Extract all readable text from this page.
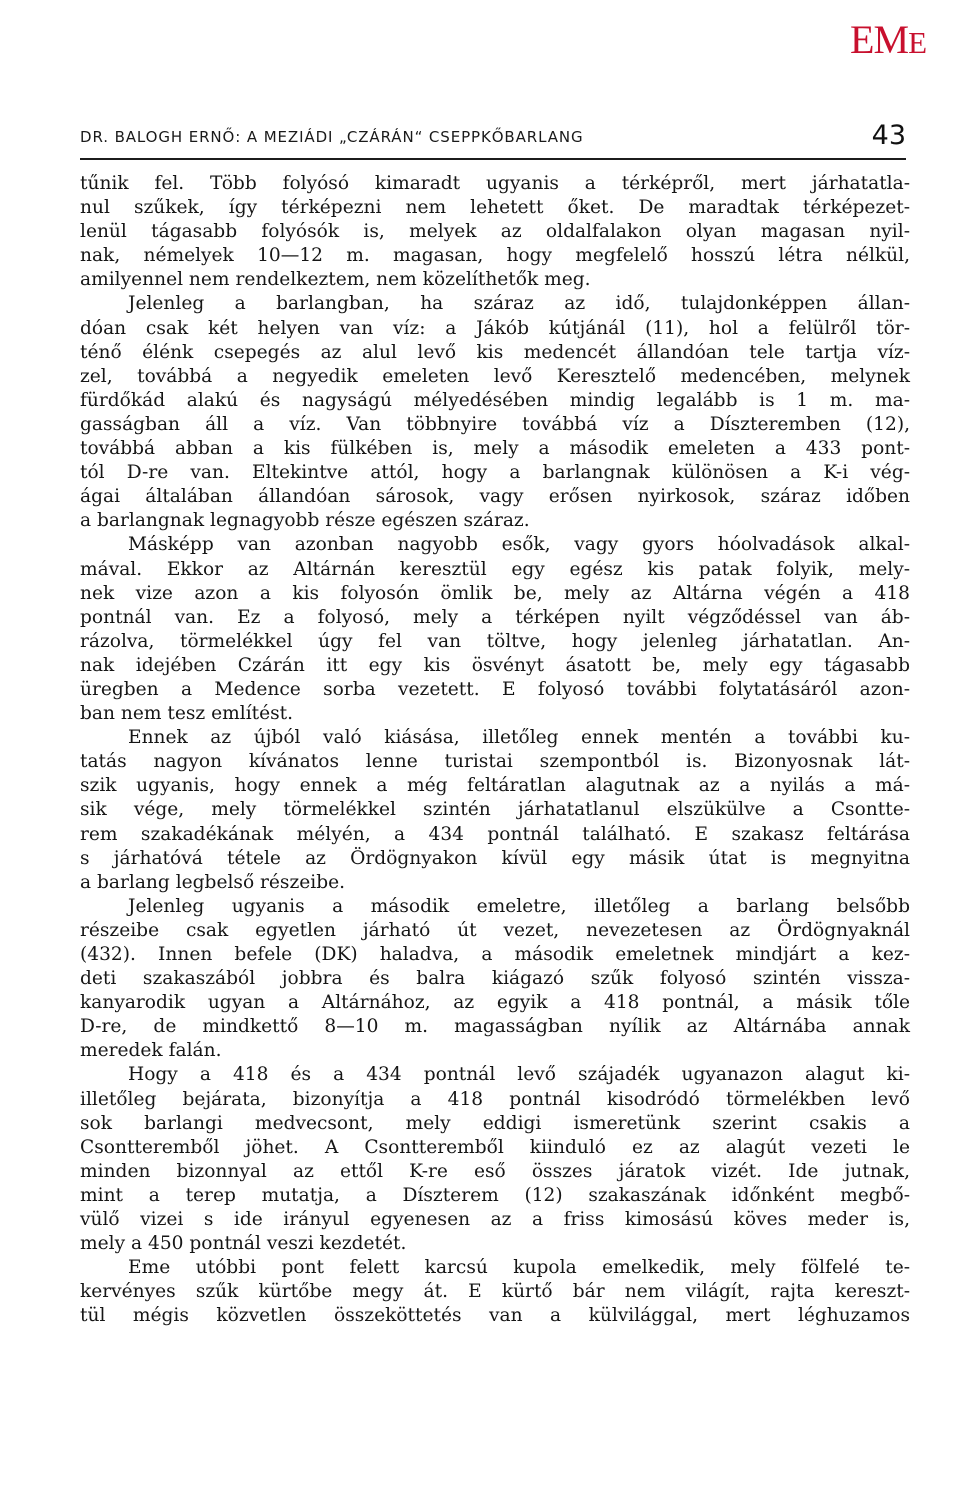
EME
DR. BALOGH ERNŐ: A MEZIÁDI „CZÁRÁN“ CSEPPKŐBARLANG	43
tűnik fel. Több folyósó kimaradt ugyanis a térképről, mert járhatatla-
nul szűkek, így térképezni nem lehetett őket. De maradtak térképezet-
lenül tágasabb folyósók is, melyek az oldalfalakon olyan magasan nyil-
nak, némelyek 10—12 m. magasan, hogy megfelelő hosszú létra nélkül,
amilyennel nem rendelkeztem, nem közelíthetők meg.
Jelenleg a barlangban, ha száraz az idő, tulajdonképpen állan-
dóan csak két helyen van víz: a Jákób kútjánál (11), hol a felülről tör-
ténő élénk csepegés az alul levő kis medencét állandóan tele tartja víz-
zel, továbbá a negyedik emeleten levő Keresztelő medencében, melynek
fürdőkád alakú és nagyságú mélyedésében mindig legalább is 1 m. ma-
gasságban áll a víz. Van többnyire továbbá víz a Díszteremben (12),
továbbá abban a kis fülkében is, mely a második emeleten a 433 pont-
tól D-re van. Eltekintve attól, hogy a barlangnak különösen a K-i vég-
ágai általában állandóan sárosok, vagy erősen nyirkosok, száraz időben
a barlangnak legnagyobb része egészen száraz.
Másképp van azonban nagyobb esők, vagy gyors hóolvadások alkal-
mával. Ekkor az Altárnán keresztül egy egész kis patak folyik, mely-
nek vize azon a kis folyosón ömlik be, mely az Altárna végén a 418
pontnál van. Ez a folyosó, mely a térképen nyilt végződéssel van áb-
rázolva, törmelékkel úgy fel van töltve, hogy jelenleg járhatatlan. An-
nak idejében Czárán itt egy kis ösvényt ásatott be, mely egy tágasabb
üregben a Medence sorba vezetett. E folyosó további folytatásáról azon-
ban nem tesz említést.
Ennek az újból való kiásása, illetőleg ennek mentén a további ku-
tatás nagyon kívánatos lenne turistai szempontból is. Bizonyosnak lát-
szik ugyanis, hogy ennek a még feltáratlan alagutnak az a nyilás a má-
sik vége, mely törmelékkel szintén járhatatlanul elszükülve a Csontte-
rem szakadékának mélyén, a 434 pontnál található. E szakasz feltárása
s járhatóvá tétele az Ördögnyakon kívül egy másik útat is megnyitna
a barlang legbelső részeibe.
Jelenleg ugyanis a második emeletre, illetőleg a barlang belsőbb
részeibe csak egyetlen járható út vezet, nevezetesen az Ördögnyaknál
(432). Innen befele (DK) haladva, a második emeletnek mindjárt a kez-
deti szakaszából jobbra és balra kiágazó szűk folyosó szintén vissza-
kanyarodik ugyan a Altárnához, az egyik a 418 pontnál, a másik tőle
D-re, de mindkettő 8—10 m. magasságban nyílik az Altárnába annak
meredek falán.
Hogy a 418 és a 434 pontnál levő szájadék ugyanazon alagut ki-
illetőleg bejárata, bizonyítja a 418 pontnál kisodródó törmelékben levő
sok barlangi medvecsont, mely eddigi ismeretünk szerint csakis a
Csontteremből jöhet. A Csontteremből kiinduló ez az alagút vezeti le
minden bizonnyal az ettől K-re eső összes járatok vizét. Ide jutnak,
mint a terep mutatja, a Díszterem (12) szakaszának időnként megbő-
vülő vizei s ide irányul egyenesen az a friss kimosású köves meder is,
mely a 450 pontnál veszi kezdetét.
Eme utóbbi pont felett karcsú kupola emelkedik, mely fölfelé te-
kervényes szűk kürtőbe megy át. E kürtő bár nem világít, rajta kereszt-
tül mégis közvetlen összeköttetés van a külvilággal, mert léghuzamos
